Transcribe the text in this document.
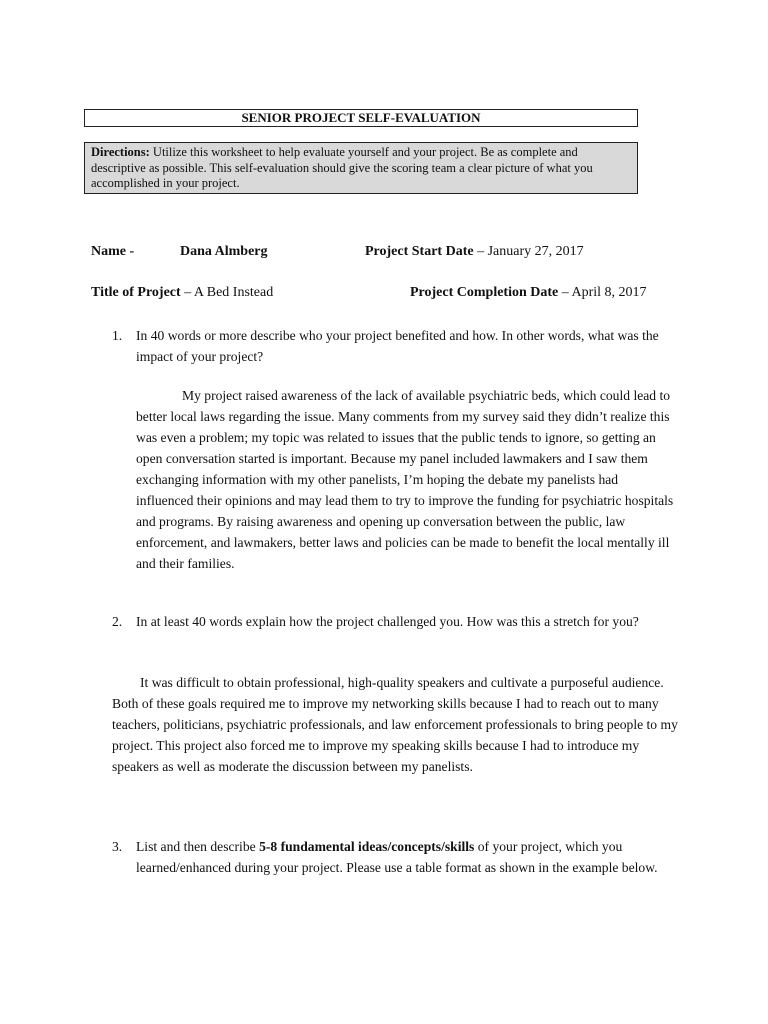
SENIOR PROJECT SELF-EVALUATION
Directions: Utilize this worksheet to help evaluate yourself and your project. Be as complete and descriptive as possible. This self-evaluation should give the scoring team a clear picture of what you accomplished in your project.
Name -	Dana Almberg	Project Start Date – January 27, 2017
Title of Project – A Bed Instead	Project Completion Date – April 8, 2017
1. In 40 words or more describe who your project benefited and how. In other words, what was the impact of your project?
My project raised awareness of the lack of available psychiatric beds, which could lead to better local laws regarding the issue. Many comments from my survey said they didn’t realize this was even a problem; my topic was related to issues that the public tends to ignore, so getting an open conversation started is important. Because my panel included lawmakers and I saw them exchanging information with my other panelists, I’m hoping the debate my panelists had influenced their opinions and may lead them to try to improve the funding for psychiatric hospitals and programs. By raising awareness and opening up conversation between the public, law enforcement, and lawmakers, better laws and policies can be made to benefit the local mentally ill and their families.
2. In at least 40 words explain how the project challenged you. How was this a stretch for you?
It was difficult to obtain professional, high-quality speakers and cultivate a purposeful audience. Both of these goals required me to improve my networking skills because I had to reach out to many teachers, politicians, psychiatric professionals, and law enforcement professionals to bring people to my project. This project also forced me to improve my speaking skills because I had to introduce my speakers as well as moderate the discussion between my panelists.
3. List and then describe 5-8 fundamental ideas/concepts/skills of your project, which you learned/enhanced during your project. Please use a table format as shown in the example below.
